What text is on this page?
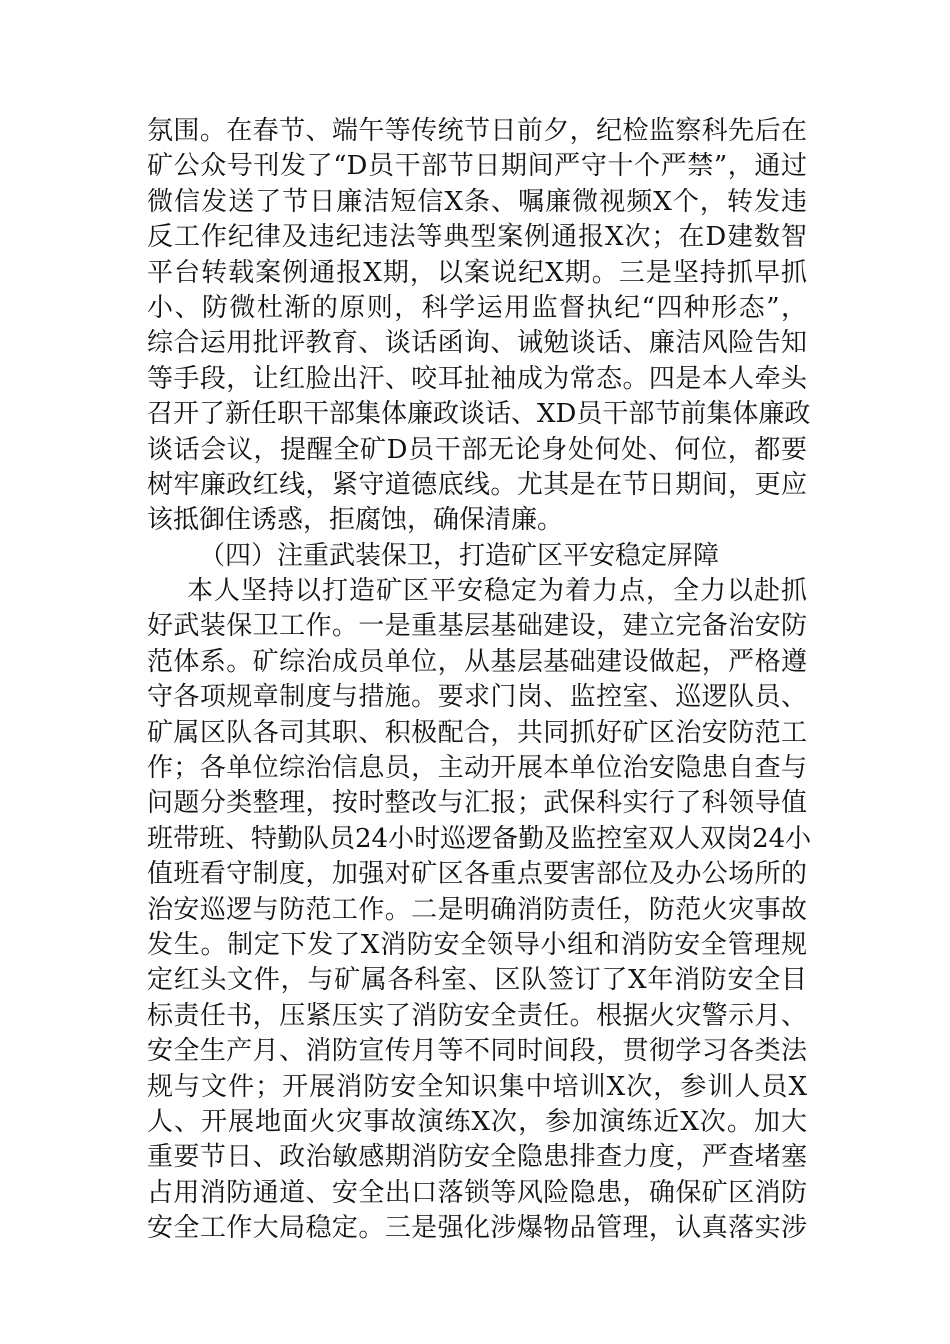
氛围。在春节、端午等传统节日前夕，纪检监察科先后在
矿公众号刊发了“D员干部节日期间严守十个严禁”，通过
微信发送了节日廉洁短信X条、嘱廉微视频X个，转发违
反工作纪律及违纪违法等典型案例通报X次；在D建数智
平台转载案例通报X期，以案说纪X期。三是坚持抓早抓
小、防微杜渐的原则，科学运用监督执纪“四种形态”，
综合运用批评教育、谈话函询、诫勉谈话、廉洁风险告知
等手段，让红脸出汗、咬耳扯袖成为常态。四是本人牵头
召开了新任职干部集体廉政谈话、XD员干部节前集体廉政
谈话会议，提醒全矿D员干部无论身处何处、何位，都要
树牢廉政红线，紧守道德底线。尤其是在节日期间，更应
该抵御住诱惑，拒腐蚀，确保清廉。
（四）注重武装保卫，打造矿区平安稳定屏障
本人坚持以打造矿区平安稳定为着力点，全力以赴抓
好武装保卫工作。一是重基层基础建设，建立完备治安防
范体系。矿综治成员单位，从基层基础建设做起，严格遵
守各项规章制度与措施。要求门岗、监控室、巡逻队员、
矿属区队各司其职、积极配合，共同抓好矿区治安防范工
作；各单位综治信息员，主动开展本单位治安隐患自查与
问题分类整理，按时整改与汇报；武保科实行了科领导值
班带班、特勤队员24小时巡逻备勤及监控室双人双岗24小
值班看守制度，加强对矿区各重点要害部位及办公场所的
治安巡逻与防范工作。二是明确消防责任，防范火灾事故
发生。制定下发了X消防安全领导小组和消防安全管理规
定红头文件，与矿属各科室、区队签订了X年消防安全目
标责任书，压紧压实了消防安全责任。根据火灾警示月、
安全生产月、消防宣传月等不同时间段，贯彻学习各类法
规与文件；开展消防安全知识集中培训X次，参训人员X
人、开展地面火灾事故演练X次，参加演练近X次。加大
重要节日、政治敏感期消防安全隐患排查力度，严查堵塞
占用消防通道、安全出口落锁等风险隐患，确保矿区消防
安全工作大局稳定。三是强化涉爆物品管理，认真落实涉
